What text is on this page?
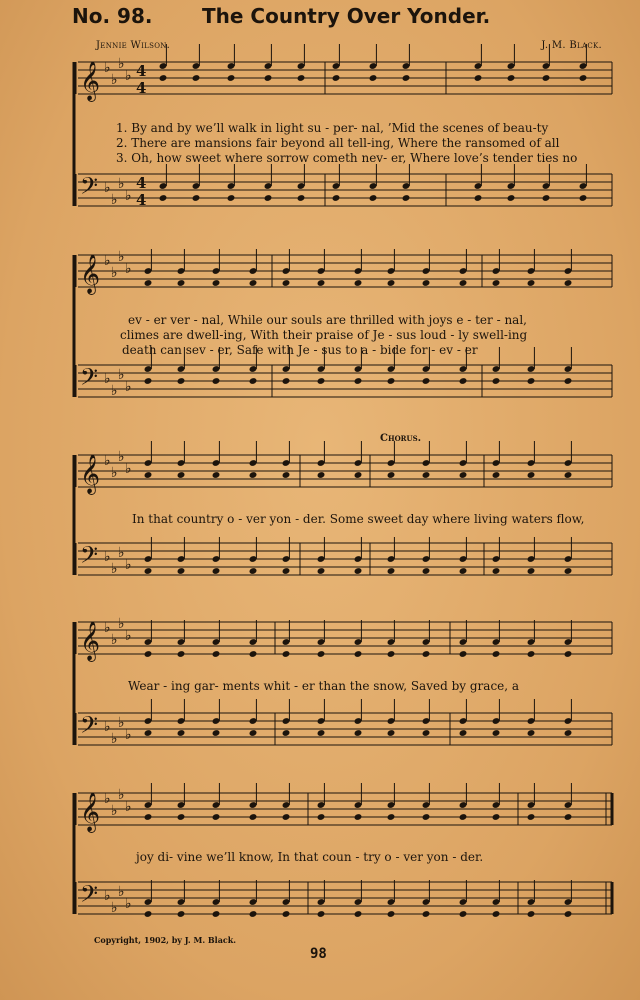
No. 98. The Country Over Yonder.
Jennie Wilson.	J. M. Black.
𝄞 ♭
♭
♭
♭ 4
4
𝄢 ♭
♭
♭
♭
4
4
𝄞 ♭
♭
♭
♭
𝄢 ♭
♭
♭
♭
𝄞 ♭
♭
♭
♭
𝄢 ♭
♭
♭
♭
𝄞 ♭
♭
♭
♭
𝄢 ♭
♭
♭
♭
𝄞 ♭
♭
♭
♭
𝄢 ♭
♭
♭
♭
Chorus.
1. By and by we’ll walk in light su - per- nal, ’Mid the scenes of beau-ty
2. There are mansions fair beyond all tell-ing, Where the ransomed of all
3. Oh, how sweet where sorrow cometh nev- er, Where love’s tender ties no
ev - er ver - nal, While our souls are thrilled with joys e - ter - nal,
climes are dwell-ing, With their praise of Je - sus loud - ly swell-ing
death can sev - er, Safe with Je - sus to a - bide for - ev - er
In that country o - ver yon - der. Some sweet day where living waters flow,
Wear - ing gar- ments whit - er than the snow, Saved by grace, a
joy di- vine we’ll know, In that coun - try o - ver yon - der.
Copyright, 1902, by J. M. Black.
98
